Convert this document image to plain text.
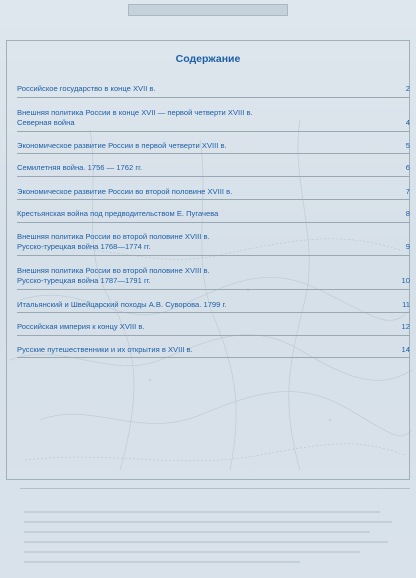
Содержание
Российское государство в конце XVII в.	2
Внешняя политика России в конце XVII — первой четверти XVIII в.
Северная война	4
Экономическое развитие России в первой четверти XVIII в.	5
Семилетняя война. 1756 — 1762 гг.	6
Экономическое развитие России во второй половине XVIII в.	7
Крестьянская война под предводительством Е. Пугачева	8
Внешняя политика России во второй половине XVIII в.
Русско-турецкая война 1768—1774 гг.	9
Внешняя политика России во второй половине XVIII в.
Русско-турецкая война 1787—1791 гг.	10
Итальянский и Швейцарский походы А.В. Суворова. 1799 г.	11
Российская империя к концу XVIII в.	12
Русские путешественники и их открытия в XVIII в.	14
